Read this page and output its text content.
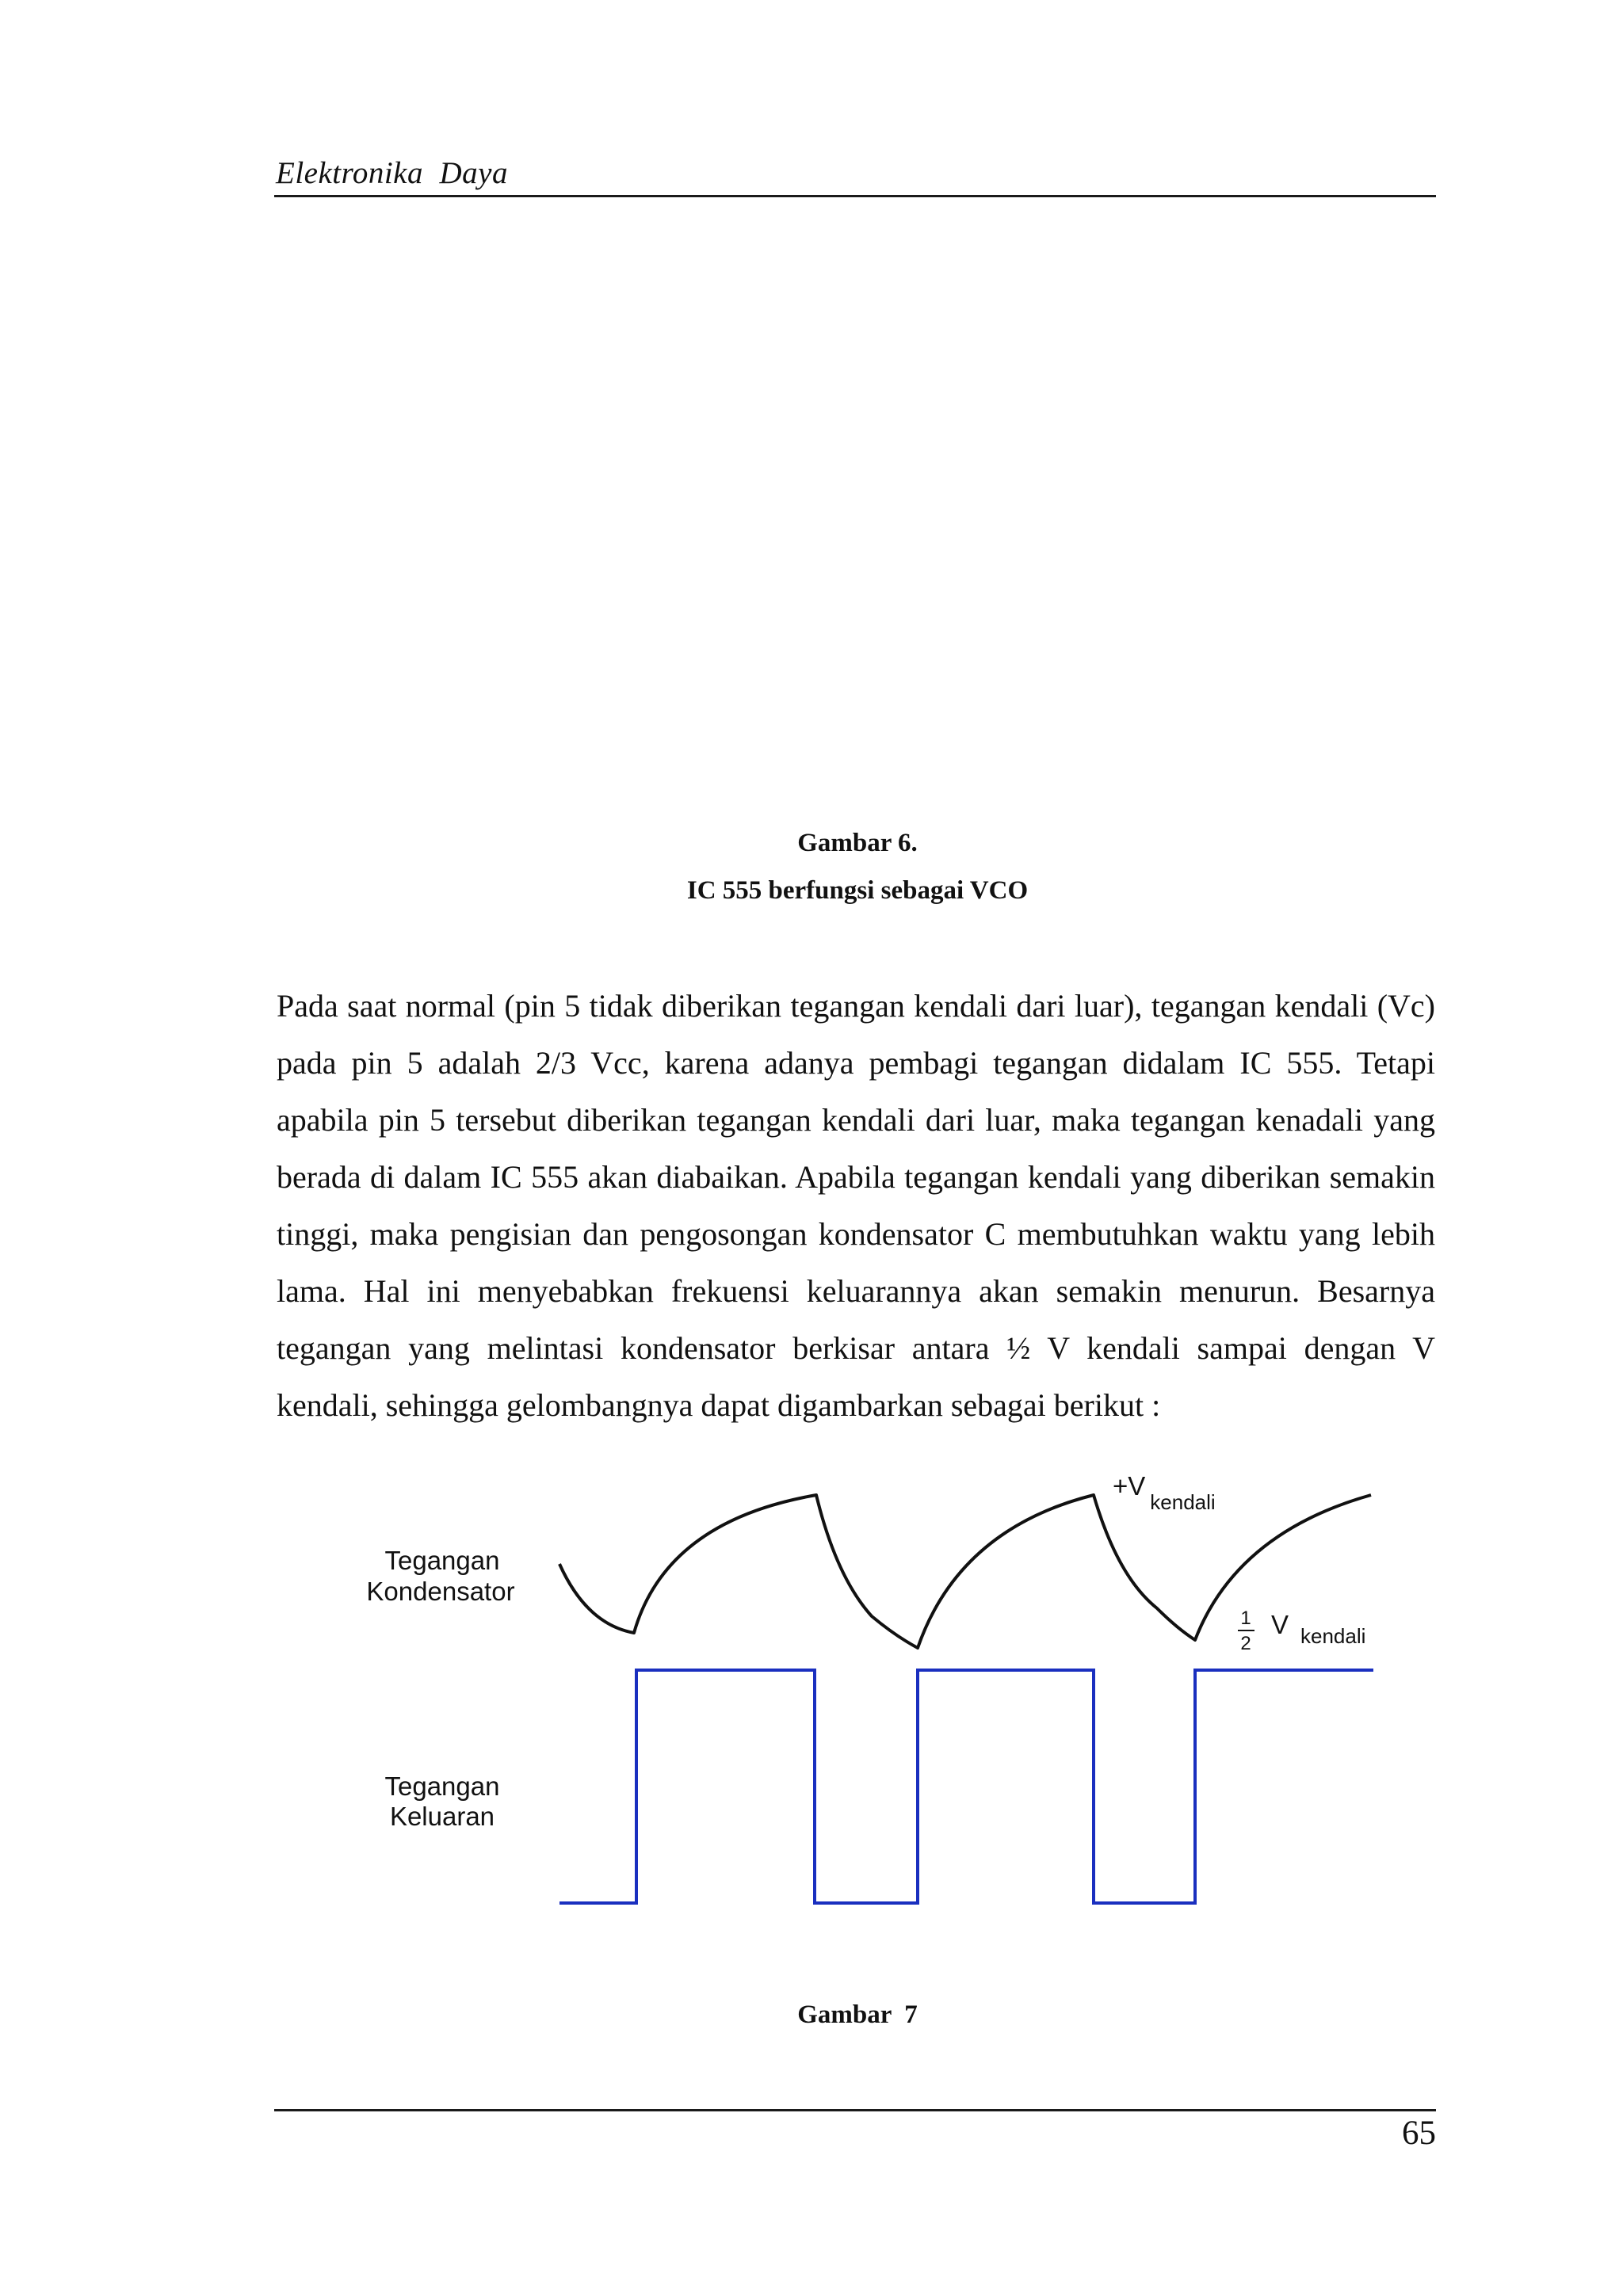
Elektronika  Daya
Gambar 6.
IC 555 berfungsi sebagai VCO

Pada saat normal (pin 5 tidak diberikan tegangan kendali dari luar), tegangan kendali (Vc) pada pin 5 adalah 2/3 Vcc, karena adanya pembagi tegangan didalam IC 555. Tetapi apabila pin 5 tersebut diberikan tegangan kendali dari luar, maka tegangan kenadali yang berada di dalam IC 555 akan diabaikan. Apabila tegangan kendali yang diberikan semakin tinggi, maka pengisian dan pengosongan kondensator C membutuhkan waktu yang lebih lama. Hal ini menyebabkan frekuensi keluarannya akan semakin menurun. Besarnya tegangan yang melintasi kondensator berkisar antara ½ V kendali sampai dengan V kendali, sehingga gelombangnya dapat digambarkan sebagai berikut :

Tegangan
Kondensator
$+V_{kendali}$
1
2
V kendali
Tegangan
Keluaran
Gambar  7
65
